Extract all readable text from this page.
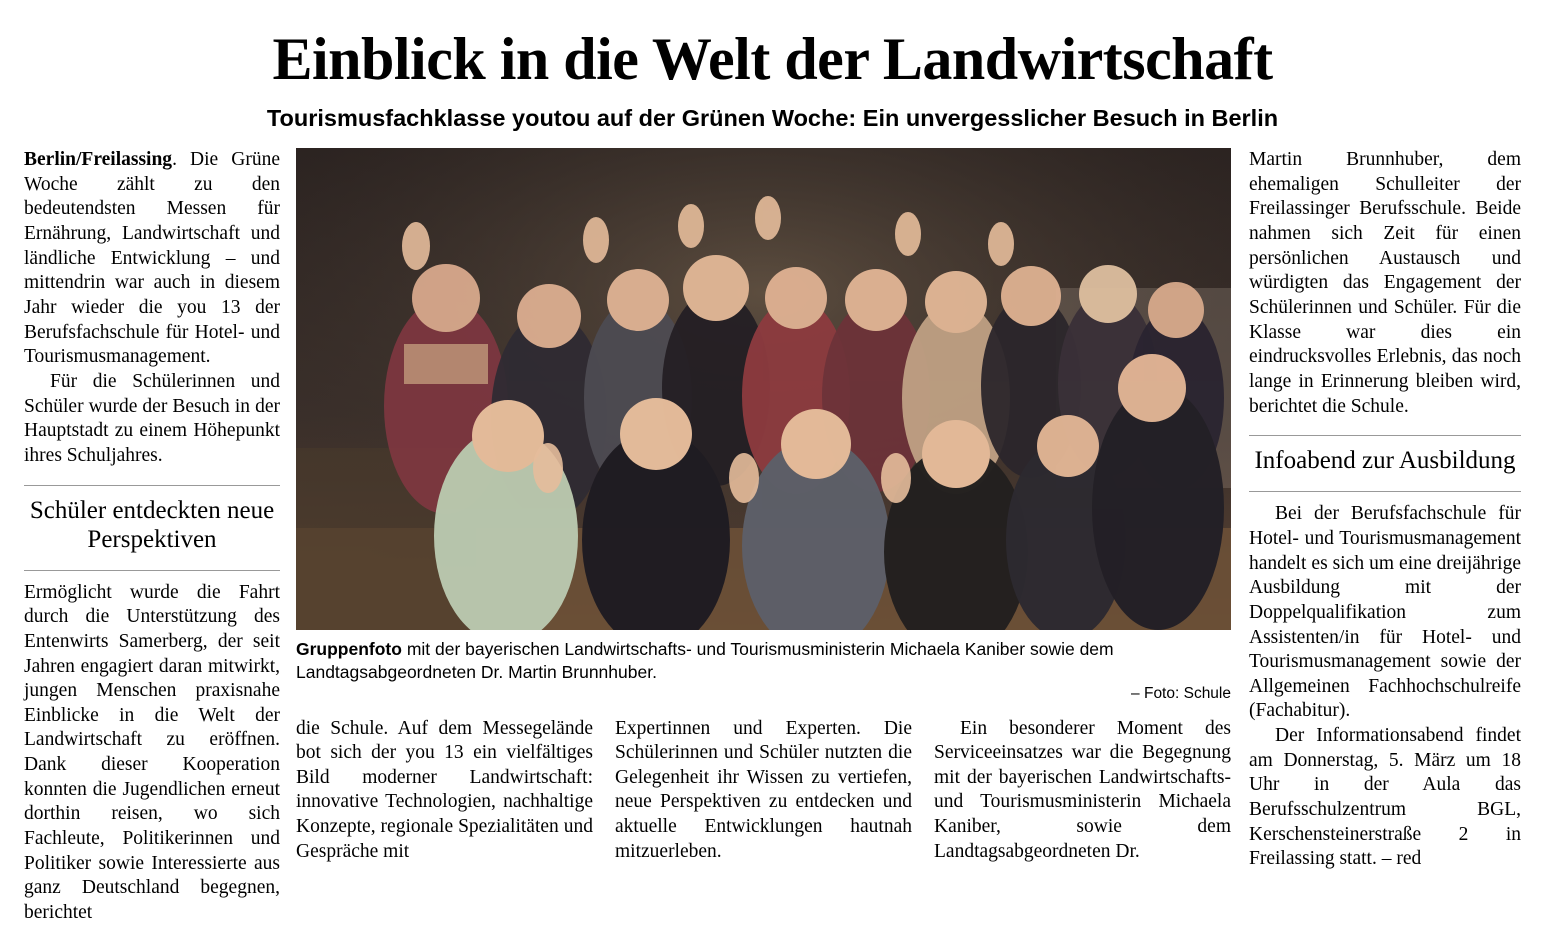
Einblick in die Welt der Landwirtschaft
Tourismusfachklasse youtou auf der Grünen Woche: Ein unvergesslicher Besuch in Berlin

Berlin/Freilassing. Die Grüne Woche zählt zu den bedeutendsten Messen für Ernährung, Landwirtschaft und ländliche Entwicklung – und mittendrin war auch in diesem Jahr wieder die you 13 der Berufsfachschule für Hotel- und Tourismusmanagement.

Für die Schülerinnen und Schüler wurde der Besuch in der Hauptstadt zu einem Höhepunkt ihres Schuljahres.

Schüler entdeckten neue Perspektiven

Ermöglicht wurde die Fahrt durch die Unterstützung des Entenwirts Samerberg, der seit Jahren engagiert daran mitwirkt, jungen Menschen praxisnahe Einblicke in die Welt der Landwirtschaft zu eröffnen. Dank dieser Kooperation konnten die Jugendlichen erneut dorthin reisen, wo sich Fachleute, Politikerinnen und Politiker sowie Interessierte aus ganz Deutschland begegnen, berichtet

Gruppenfoto mit der bayerischen Landwirtschafts- und Tourismusministerin Michaela Kaniber sowie dem Landtagsabgeordneten Dr. Martin Brunnhuber.
– Foto: Schule

die Schule. Auf dem Messegelände bot sich der you 13 ein vielfältiges Bild moderner Landwirtschaft: innovative Technologien, nachhaltige Konzepte, regionale Spezialitäten und Gespräche mit

Expertinnen und Experten. Die Schülerinnen und Schüler nutzten die Gelegenheit ihr Wissen zu vertiefen, neue Perspektiven zu entdecken und aktuelle Entwicklungen hautnah mitzuerleben.

Ein besonderer Moment des Serviceeinsatzes war die Begegnung mit der bayerischen Landwirtschafts- und Tourismusministerin Michaela Kaniber, sowie dem Landtagsabgeordneten Dr.

Martin Brunnhuber, dem ehemaligen Schulleiter der Freilassinger Berufsschule. Beide nahmen sich Zeit für einen persönlichen Austausch und würdigten das Engagement der Schülerinnen und Schüler. Für die Klasse war dies ein eindrucksvolles Erlebnis, das noch lange in Erinnerung bleiben wird, berichtet die Schule.

Infoabend zur Ausbildung

Bei der Berufsfachschule für Hotel- und Tourismusmanagement handelt es sich um eine dreijährige Ausbildung mit der Doppelqualifikation zum Assistenten/in für Hotel- und Tourismusmanagement sowie der Allgemeinen Fachhochschulreife (Fachabitur).

Der Informationsabend findet am Donnerstag, 5. März um 18 Uhr in der Aula das Berufsschulzentrum BGL, Kerschensteinerstraße 2 in Freilassing statt. – red
